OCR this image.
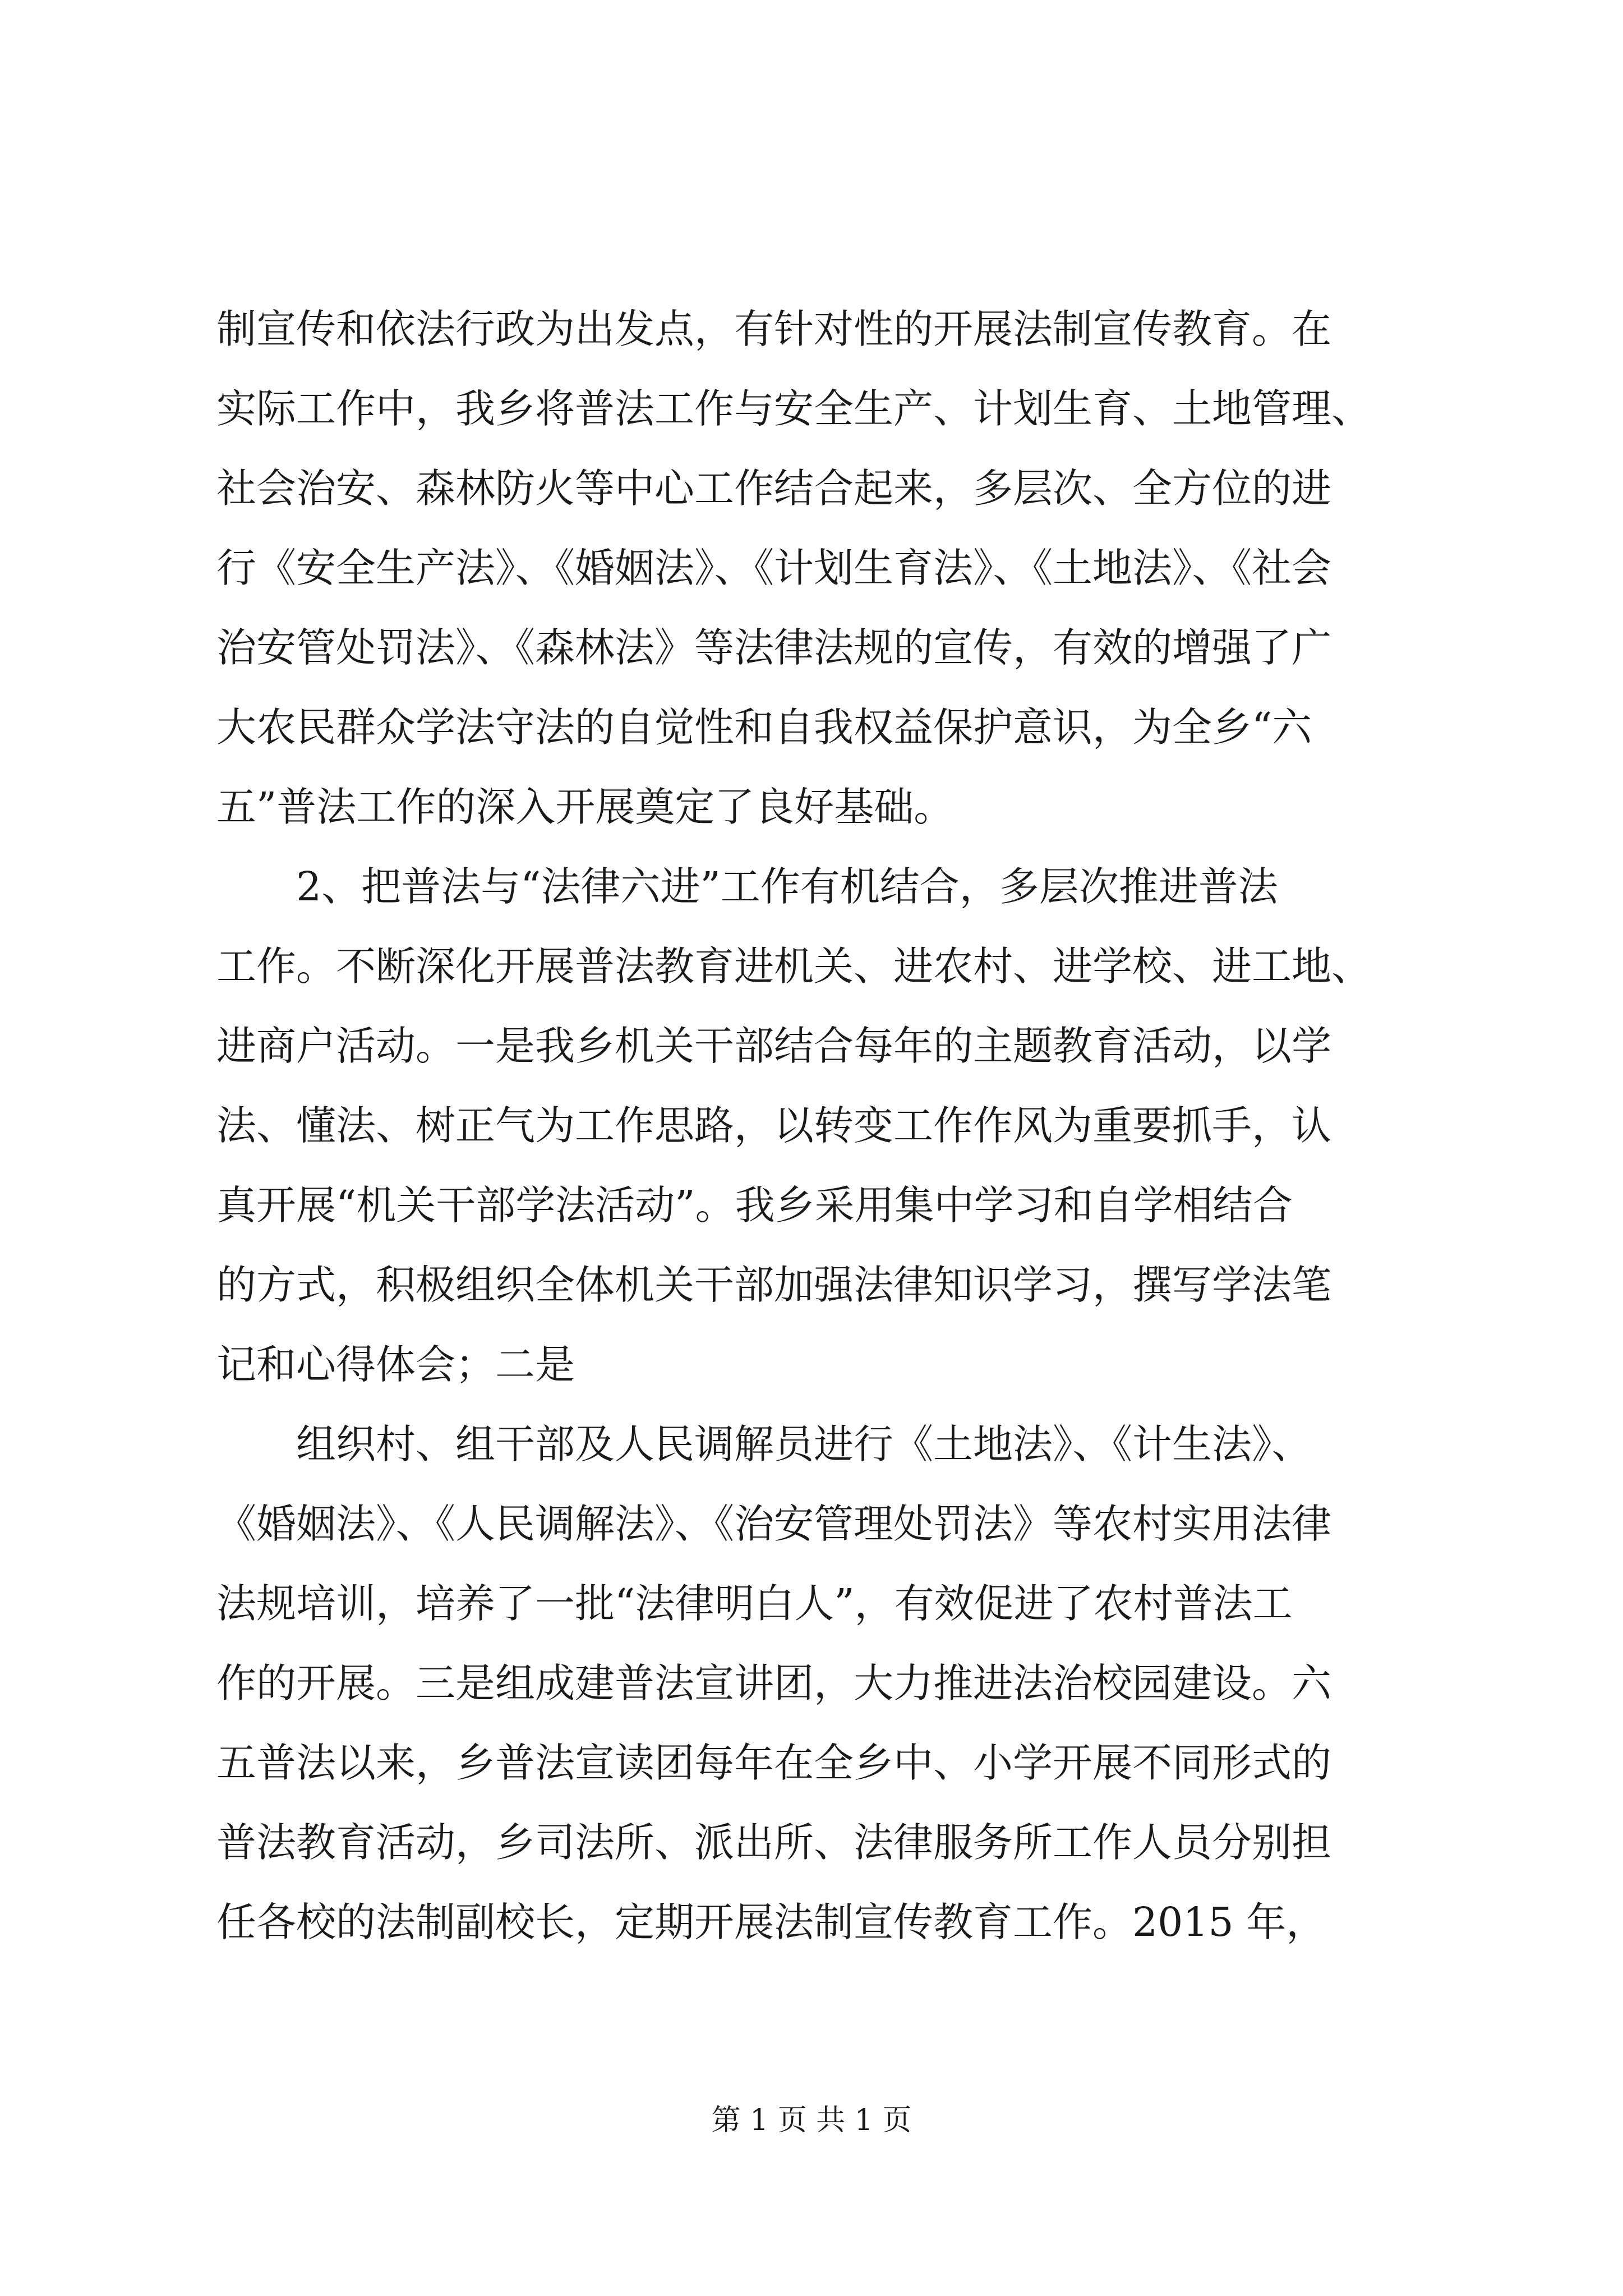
制宣传和依法行政为出发点，有针对性的开展法制宣传教育。在
实际工作中，我乡将普法工作与安全生产、计划生育、土地管理、
社会治安、森林防火等中心工作结合起来，多层次、全方位的进
行《安全生产法》、《婚姻法》、《计划生育法》、《土地法》、《社会
治安管处罚法》、《森林法》等法律法规的宣传，有效的增强了广
大农民群众学法守法的自觉性和自我权益保护意识，为全乡“六
五”普法工作的深入开展奠定了良好基础。
2、把普法与“法律六进”工作有机结合，多层次推进普法
工作。不断深化开展普法教育进机关、进农村、进学校、进工地、
进商户活动。一是我乡机关干部结合每年的主题教育活动，以学
法、懂法、树正气为工作思路，以转变工作作风为重要抓手，认
真开展“机关干部学法活动”。我乡采用集中学习和自学相结合
的方式，积极组织全体机关干部加强法律知识学习，撰写学法笔
记和心得体会；二是
组织村、组干部及人民调解员进行《土地法》、《计生法》、
《婚姻法》、《人民调解法》、《治安管理处罚法》等农村实用法律
法规培训，培养了一批“法律明白人”，有效促进了农村普法工
作的开展。三是组成建普法宣讲团，大力推进法治校园建设。六
五普法以来，乡普法宣读团每年在全乡中、小学开展不同形式的
普法教育活动，乡司法所、派出所、法律服务所工作人员分别担
任各校的法制副校长，定期开展法制宣传教育工作。2015 年，
第 1 页 共 1 页
